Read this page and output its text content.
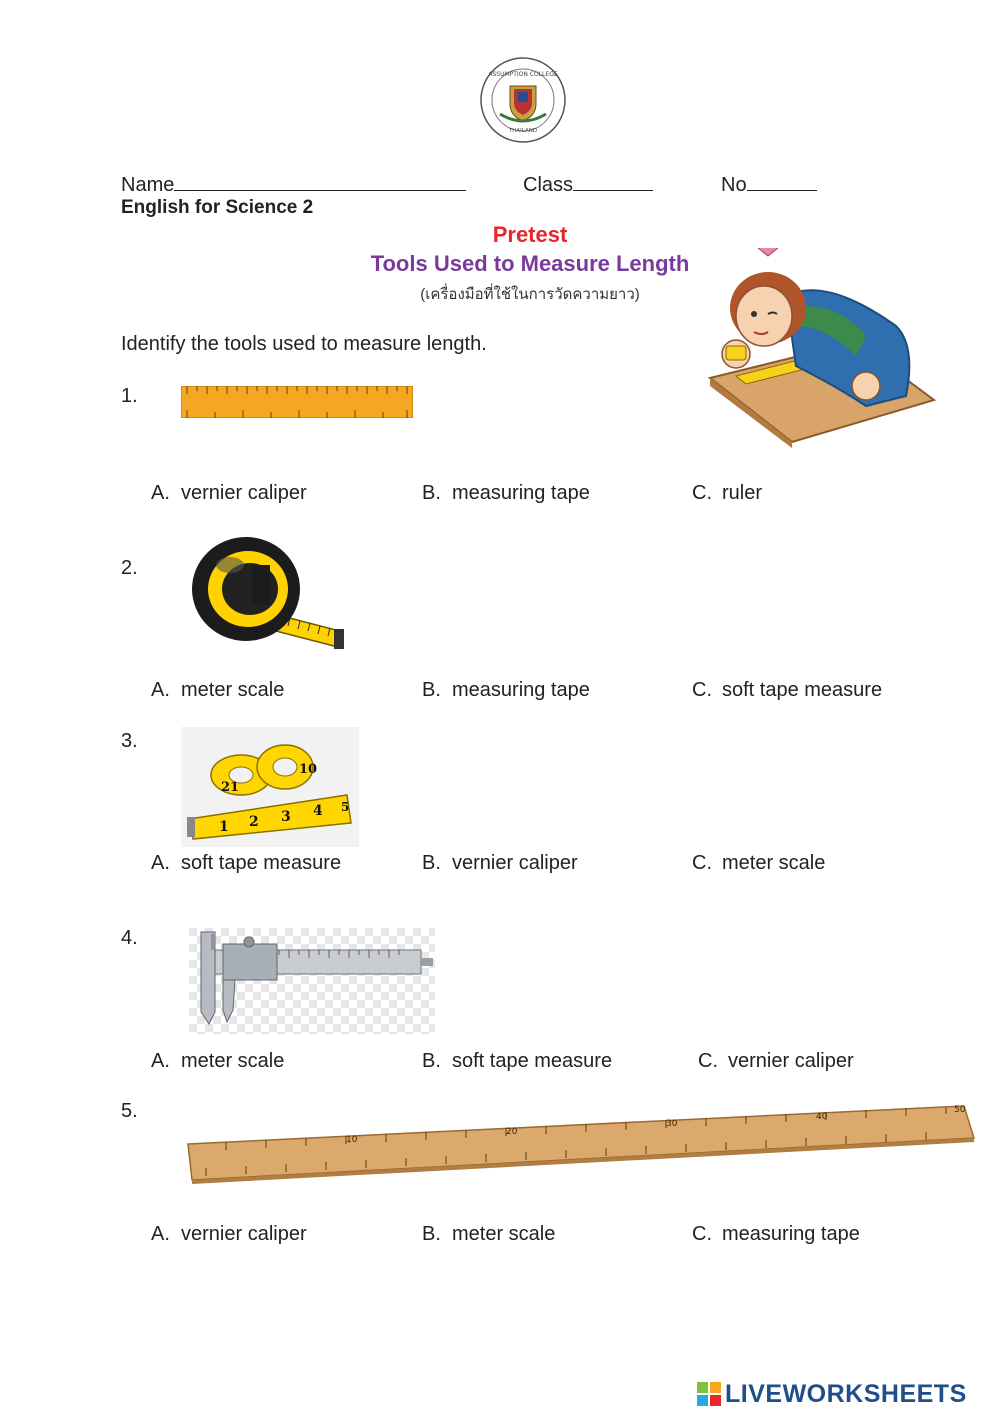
ASSUMPTION COLLEGE
THAILAND
Name	Class	No
English for Science 2
Pretest
Tools Used to Measure Length
(เครื่องมือที่ใช้ในการวัดความยาว)
Identify the tools used to measure length.
1.
A. vernier caliper	B. measuring tape	C. ruler
2.
A. meter scale	B. measuring tape	C. soft tape measure
3.
1 2 3 4 5
10
21
A. soft tape measure	B. vernier caliper	C. meter scale
4.
A. meter scale	B. soft tape measure	C. vernier caliper
5.
10
20
30
40
50
A. vernier caliper	B. meter scale	C. measuring tape
LIVEWORKSHEETS
